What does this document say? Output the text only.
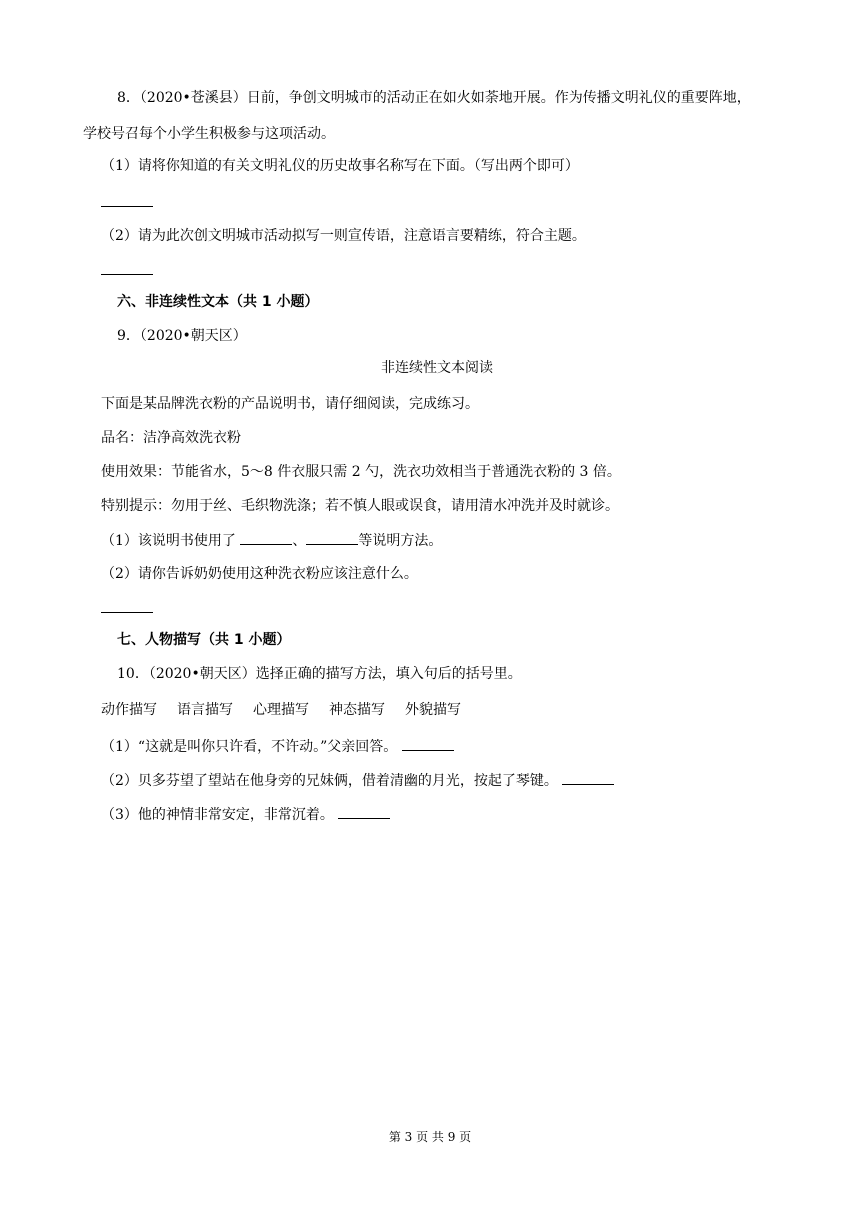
8．（2020•苍溪县）日前，争创文明城市的活动正在如火如荼地开展。作为传播文明礼仪的重要阵地，
学校号召每个小学生积极参与这项活动。
（1）请将你知道的有关文明礼仪的历史故事名称写在下面。（写出两个即可）
（2）请为此次创文明城市活动拟写一则宣传语，注意语言要精练，符合主题。
六、非连续性文本（共 1 小题）
9．（2020•朝天区）
非连续性文本阅读
下面是某品牌洗衣粉的产品说明书，请仔细阅读，完成练习。
品名：洁净高效洗衣粉
使用效果：节能省水，5～8 件衣服只需 2 勺，洗衣功效相当于普通洗衣粉的 3 倍。
特别提示：勿用于丝、毛织物洗涤；若不慎人眼或误食，请用清水冲洗并及时就诊。
（1）该说明书使用了	、	等说明方法。
（2）请你告诉奶奶使用这种洗衣粉应该注意什么。
七、人物描写（共 1 小题）
10．（2020•朝天区）选择正确的描写方法，填入句后的括号里。
动作描写 语言描写 心理描写 神态描写 外貌描写
（1）“这就是叫你只许看，不许动。”父亲回答。
（2）贝多芬望了望站在他身旁的兄妹俩，借着清幽的月光，按起了琴键。
（3）他的神情非常安定，非常沉着。
第 3 页 共 9 页
